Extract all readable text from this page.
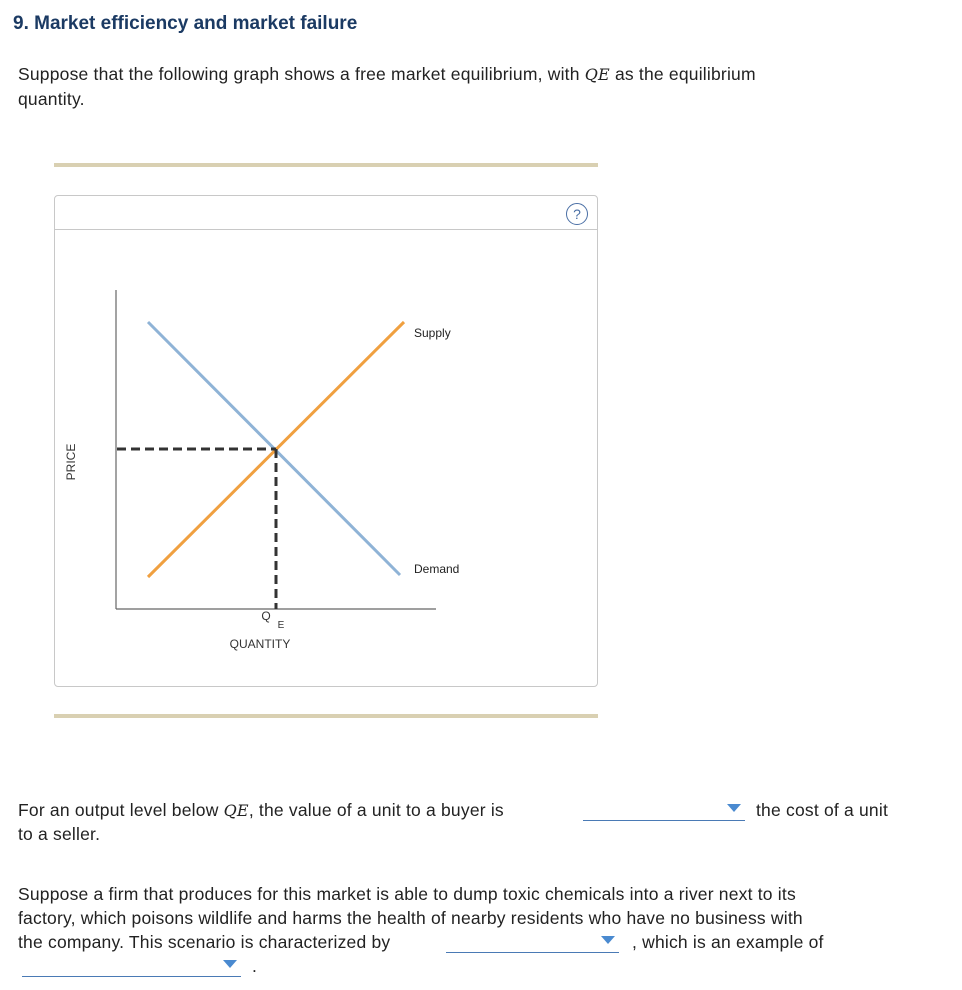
9. Market efficiency and market failure
Suppose that the following graph shows a free market equilibrium, with QE as the equilibrium
quantity.
?
PRICE
QUANTITY
Q
E
Supply
Demand
For an output level below QE, the value of a unit to a buyer is	the cost of a unit
to a seller.
Suppose a firm that produces for this market is able to dump toxic chemicals into a river next to its
factory, which poisons wildlife and harms the health of nearby residents who have no business with
the company. This scenario is characterized by	, which is an example of
.
